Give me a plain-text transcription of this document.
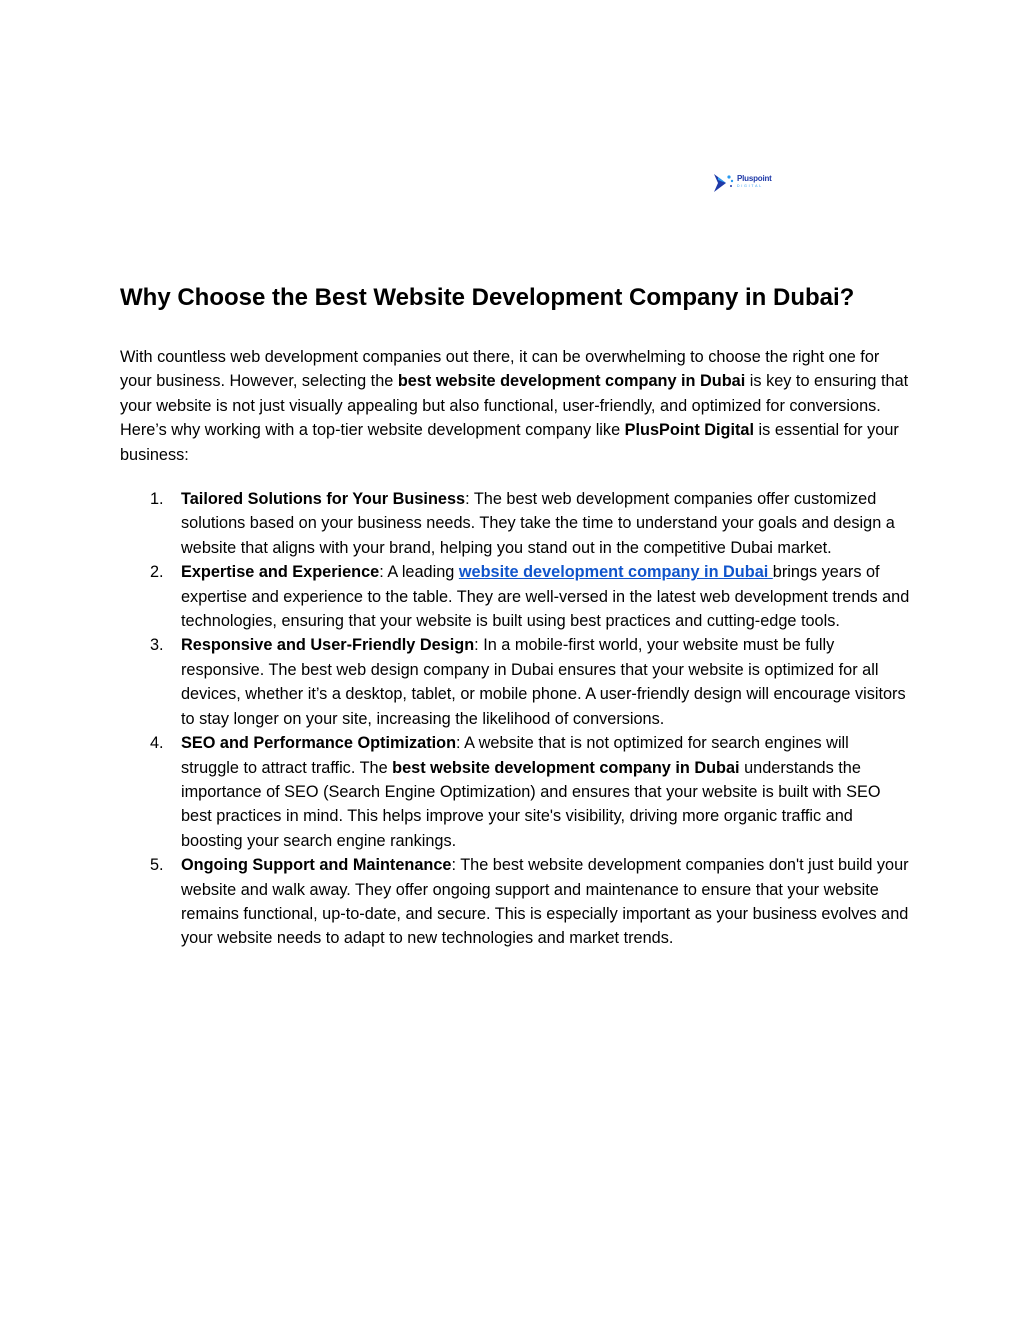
Pluspoint
DIGITAL
Why Choose the Best Website Development Company in Dubai?

With countless web development companies out there, it can be overwhelming to choose the right one for your business. However, selecting the best website development company in Dubai is key to ensuring that your website is not just visually appealing but also functional, user-friendly, and optimized for conversions. Here’s why working with a top-tier website development company like PlusPoint Digital is essential for your business:

1. Tailored Solutions for Your Business: The best web development companies offer customized solutions based on your business needs. They take the time to understand your goals and design a website that aligns with your brand, helping you stand out in the competitive Dubai market.
2. Expertise and Experience: A leading website development company in Dubai brings years of expertise and experience to the table. They are well-versed in the latest web development trends and technologies, ensuring that your website is built using best practices and cutting-edge tools.
3. Responsive and User-Friendly Design: In a mobile-first world, your website must be fully responsive. The best web design company in Dubai ensures that your website is optimized for all devices, whether it’s a desktop, tablet, or mobile phone. A user-friendly design will encourage visitors to stay longer on your site, increasing the likelihood of conversions.
4. SEO and Performance Optimization: A website that is not optimized for search engines will struggle to attract traffic. The best website development company in Dubai understands the importance of SEO (Search Engine Optimization) and ensures that your website is built with SEO best practices in mind. This helps improve your site's visibility, driving more organic traffic and boosting your search engine rankings.
5. Ongoing Support and Maintenance: The best website development companies don't just build your website and walk away. They offer ongoing support and maintenance to ensure that your website remains functional, up-to-date, and secure. This is especially important as your business evolves and your website needs to adapt to new technologies and market trends.
